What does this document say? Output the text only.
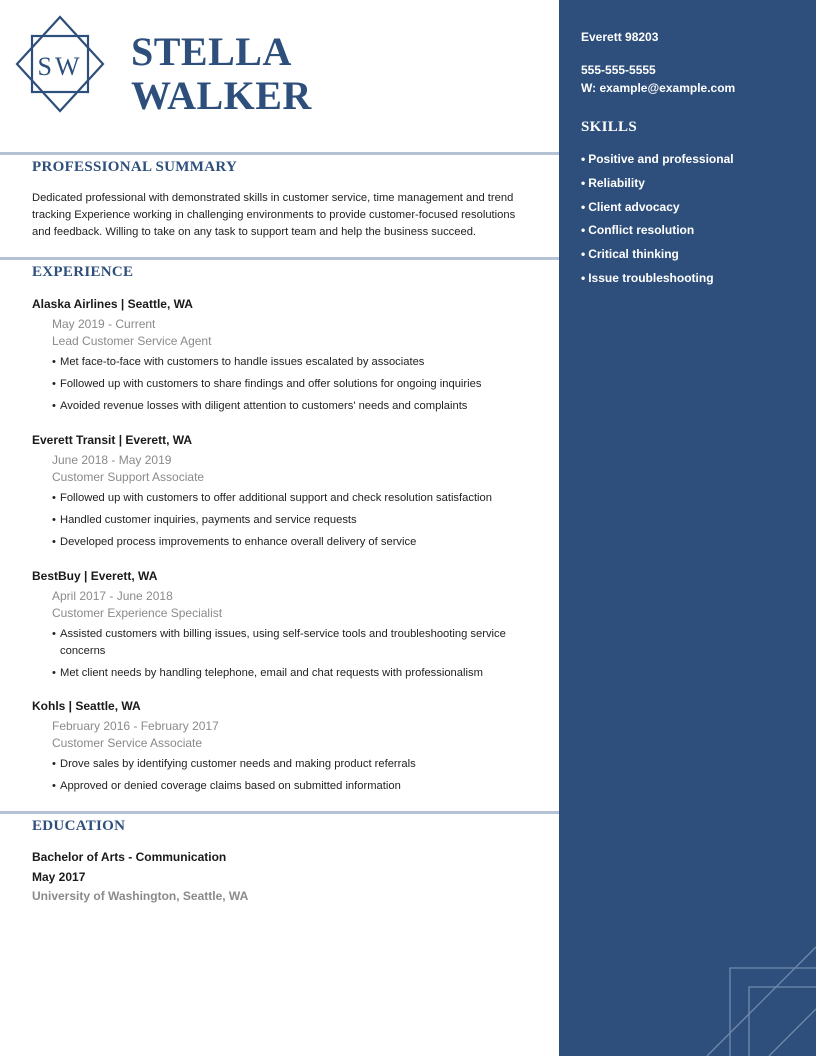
SW STELLA
WALKER
PROFESSIONAL SUMMARY

Dedicated professional with demonstrated skills in customer service, time management and trend tracking Experience working in challenging environments to provide customer-focused resolutions and feedback. Willing to take on any task to support team and help the business succeed.

EXPERIENCE
Alaska Airlines | Seattle, WA
May 2019 - Current
Lead Customer Service Agent
• Met face-to-face with customers to handle issues escalated by associates
• Followed up with customers to share findings and offer solutions for ongoing inquiries
• Avoided revenue losses with diligent attention to customers' needs and complaints
Everett Transit | Everett, WA
June 2018 - May 2019
Customer Support Associate
• Followed up with customers to offer additional support and check resolution satisfaction
• Handled customer inquiries, payments and service requests
• Developed process improvements to enhance overall delivery of service
BestBuy | Everett, WA
April 2017 - June 2018
Customer Experience Specialist
• Assisted customers with billing issues, using self-service tools and troubleshooting service concerns
• Met client needs by handling telephone, email and chat requests with professionalism
Kohls | Seattle, WA
February 2016 - February 2017
Customer Service Associate
• Drove sales by identifying customer needs and making product referrals
• Approved or denied coverage claims based on submitted information
EDUCATION
Bachelor of Arts - Communication
May 2017
University of Washington, Seattle, WA
Everett 98203
555-555-5555
W: example@example.com
SKILLS
• Positive and professional
• Reliability
• Client advocacy
• Conflict resolution
• Critical thinking
• Issue troubleshooting
